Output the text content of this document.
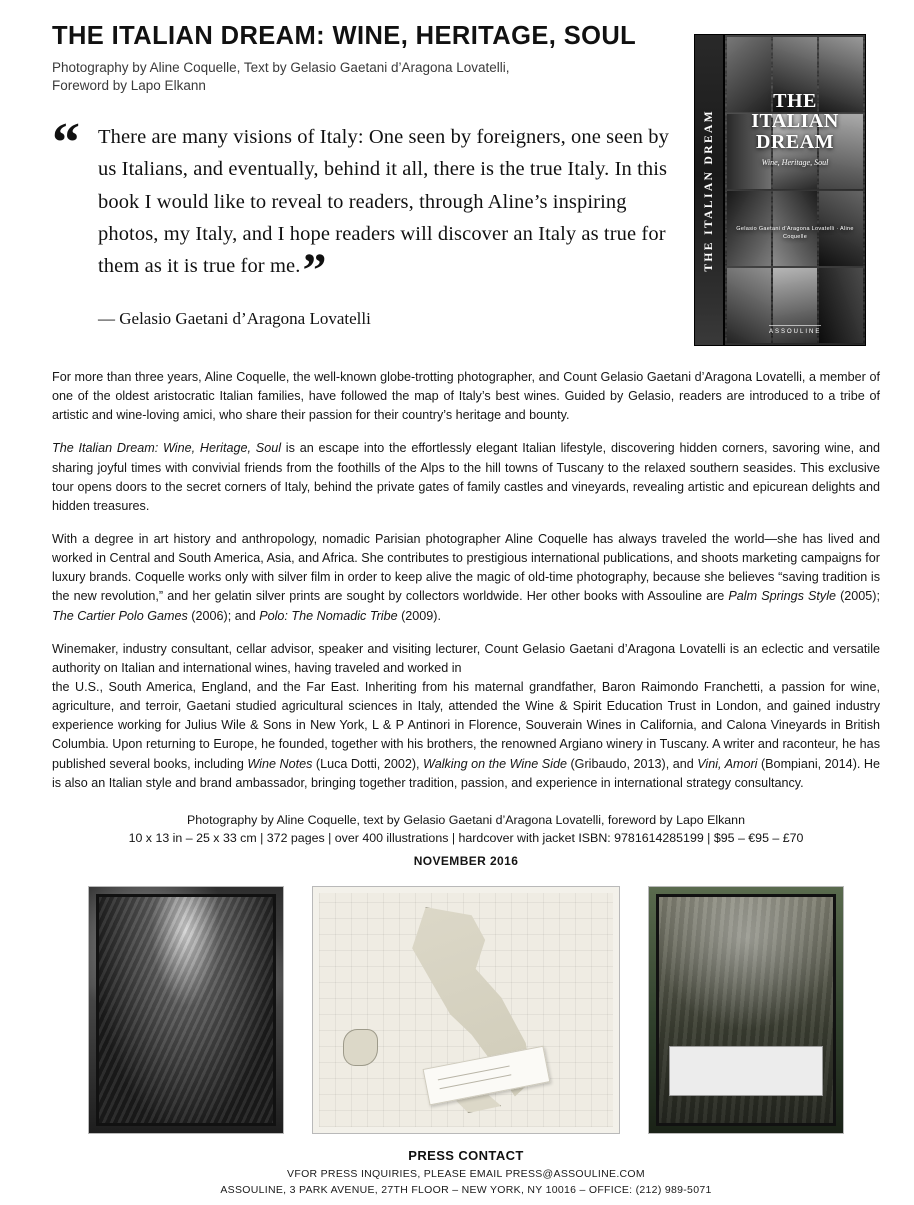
THE ITALIAN DREAM: WINE, HERITAGE, SOUL
Photography by Aline Coquelle, Text by Gelasio Gaetani d’Aragona Lovatelli,
Foreword by Lapo Elkann
THE ITALIAN DREAM
THE
ITALIAN
DREAM
Wine, Heritage, Soul
Gelasio Gaetani d’Aragona Lovatelli · Aline Coquelle
ASSOULINE
“ There are many visions of Italy: One seen by foreigners, one seen by us Italians, and eventually, behind it all, there is the true Italy. In this book I would like to reveal to readers, through Aline’s inspiring photos, my Italy, and I hope readers will discover an Italy as true for them as it is true for me.”
— Gelasio Gaetani d’Aragona Lovatelli

For more than three years, Aline Coquelle, the well-known globe-trotting photographer, and Count Gelasio Gaetani d’Aragona Lovatelli, a member of one of the oldest aristocratic Italian families, have followed the map of Italy’s best wines. Guided by Gelasio, readers are introduced to a tribe of artistic and wine-loving amici, who share their passion for their country’s heritage and bounty.

The Italian Dream: Wine, Heritage, Soul is an escape into the effortlessly elegant Italian lifestyle, discovering hidden corners, savoring wine, and sharing joyful times with convivial friends from the foothills of the Alps to the hill towns of Tuscany to the relaxed southern seasides. This exclusive tour opens doors to the secret corners of Italy, behind the private gates of family castles and vineyards, revealing artistic and epicurean delights and hidden treasures.

With a degree in art history and anthropology, nomadic Parisian photographer Aline Coquelle has always traveled the world—she has lived and worked in Central and South America, Asia, and Africa. She contributes to prestigious international publications, and shoots marketing campaigns for luxury brands. Coquelle works only with silver film in order to keep alive the magic of old-time photography, because she believes “saving tradition is the new revolution,” and her gelatin silver prints are sought by collectors worldwide. Her other books with Assouline are Palm Springs Style (2005); The Cartier Polo Games (2006); and Polo: The Nomadic Tribe (2009).

Winemaker, industry consultant, cellar advisor, speaker and visiting lecturer, Count Gelasio Gaetani d’Aragona Lovatelli is an eclectic and versatile authority on Italian and international wines, having traveled and worked in
the U.S., South America, England, and the Far East. Inheriting from his maternal grandfather, Baron Raimondo Franchetti, a passion for wine, agriculture, and terroir, Gaetani studied agricultural sciences in Italy, attended the Wine & Spirit Education Trust in London, and gained industry experience working for Julius Wile & Sons in New York, L & P Antinori in Florence, Souverain Wines in California, and Calona Vineyards in British Columbia. Upon returning to Europe, he founded, together with his brothers, the renowned Argiano winery in Tuscany. A writer and raconteur, he has published several books, including Wine Notes (Luca Dotti, 2002), Walking on the Wine Side (Gribaudo, 2013), and Vini, Amori (Bompiani, 2014). He is also an Italian style and brand ambassador, bringing together tradition, passion, and experience in international strategy consultancy.

Photography by Aline Coquelle, text by Gelasio Gaetani d’Aragona Lovatelli, foreword by Lapo Elkann
10 x 13 in – 25 x 33 cm | 372 pages | over 400 illustrations | hardcover with jacket ISBN: 9781614285199 | $95 – €95 – £70
NOVEMBER 2016
PRESS CONTACT
VFOR PRESS INQUIRIES, PLEASE EMAIL PRESS@ASSOULINE.COM
ASSOULINE, 3 PARK AVENUE, 27TH FLOOR – NEW YORK, NY 10016 – OFFICE: (212) 989-5071
